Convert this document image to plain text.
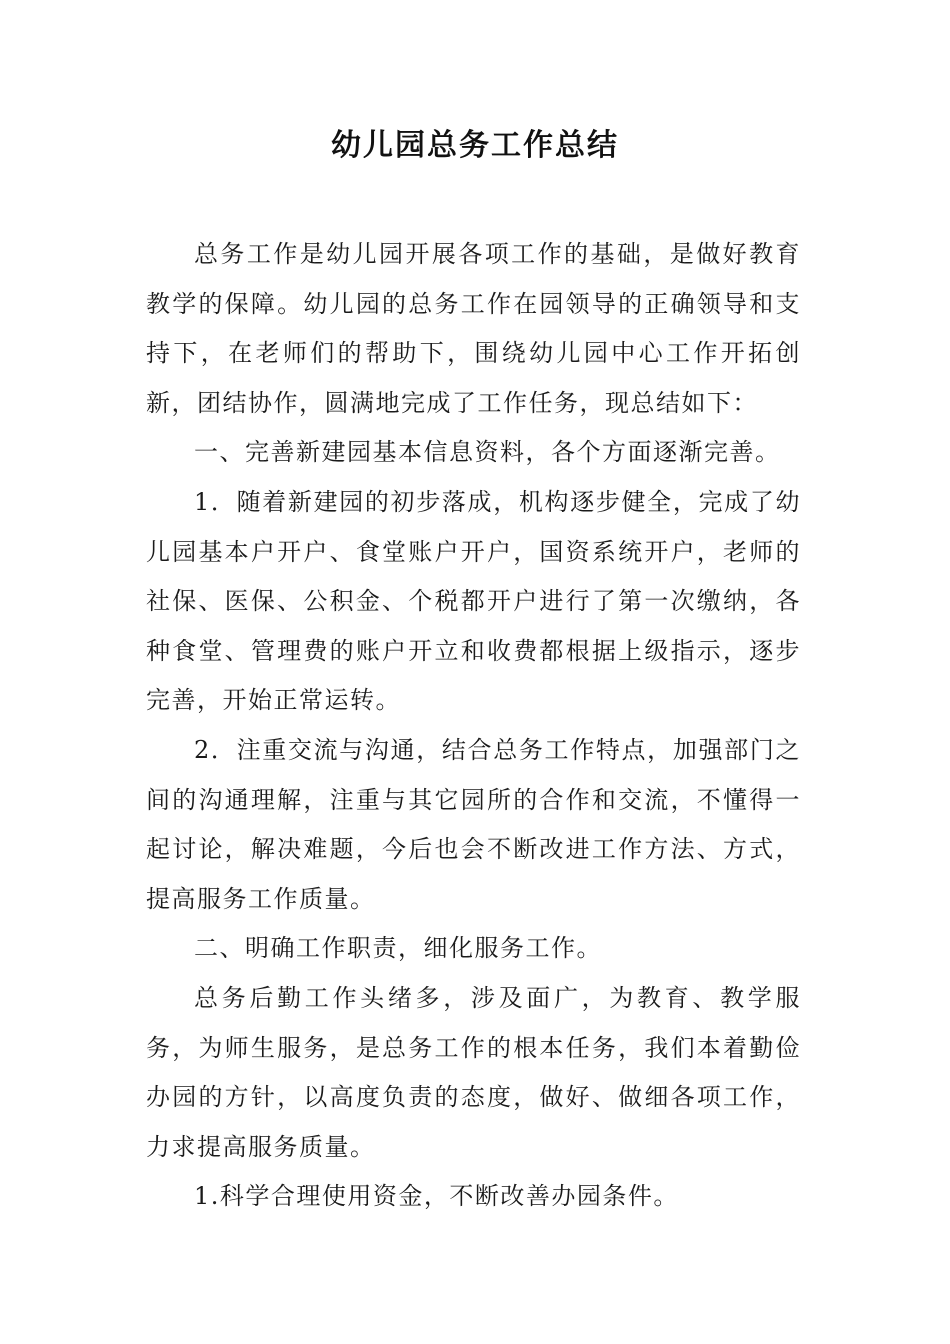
幼儿园总务工作总结

总务工作是幼儿园开展各项工作的基础，是做好教育教学的保障。幼儿园的总务工作在园领导的正确领导和支持下，在老师们的帮助下，围绕幼儿园中心工作开拓创新，团结协作，圆满地完成了工作任务，现总结如下：

一、完善新建园基本信息资料，各个方面逐渐完善。

1．随着新建园的初步落成，机构逐步健全，完成了幼儿园基本户开户、食堂账户开户，国资系统开户，老师的社保、医保、公积金、个税都开户进行了第一次缴纳，各种食堂、管理费的账户开立和收费都根据上级指示，逐步完善，开始正常运转。

2．注重交流与沟通，结合总务工作特点，加强部门之间的沟通理解，注重与其它园所的合作和交流，不懂得一起讨论，解决难题，今后也会不断改进工作方法、方式，提高服务工作质量。

二、明确工作职责，细化服务工作。

总务后勤工作头绪多，涉及面广，为教育、教学服务，为师生服务，是总务工作的根本任务，我们本着勤俭办园的方针，以高度负责的态度，做好、做细各项工作，力求提高服务质量。

1.科学合理使用资金，不断改善办园条件。
